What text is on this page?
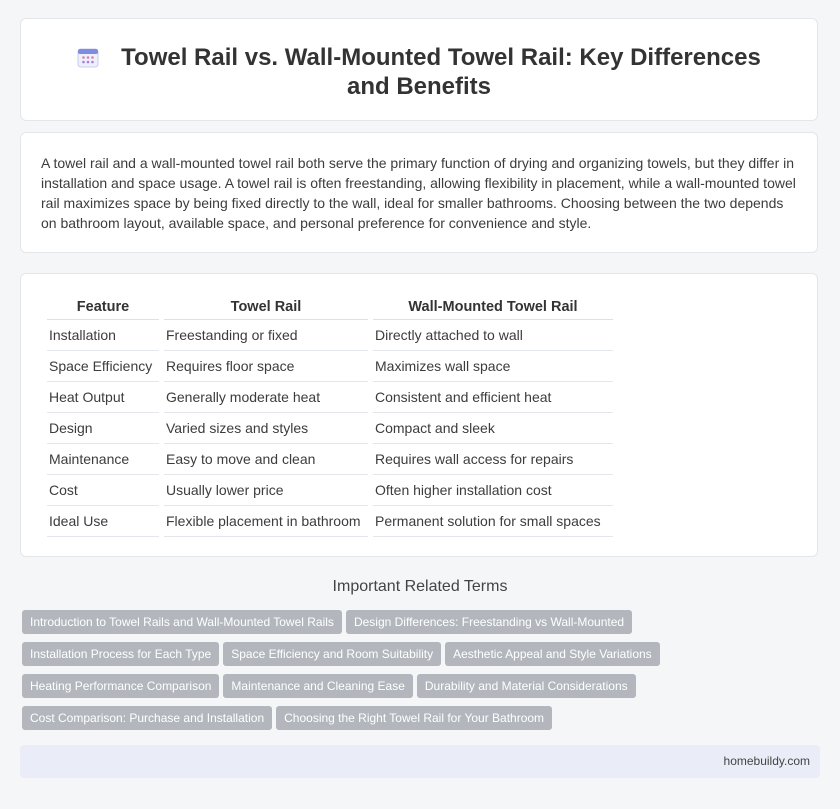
Towel Rail vs. Wall-Mounted Towel Rail: Key Differences and Benefits

A towel rail and a wall-mounted towel rail both serve the primary function of drying and organizing towels, but they differ in installation and space usage. A towel rail is often freestanding, allowing flexibility in placement, while a wall-mounted towel rail maximizes space by being fixed directly to the wall, ideal for smaller bathrooms. Choosing between the two depends on bathroom layout, available space, and personal preference for convenience and style.

Feature	Towel Rail	Wall-Mounted Towel Rail
Installation	Freestanding or fixed	Directly attached to wall
Space Efficiency	Requires floor space	Maximizes wall space
Heat Output	Generally moderate heat	Consistent and efficient heat
Design	Varied sizes and styles	Compact and sleek
Maintenance	Easy to move and clean	Requires wall access for repairs
Cost	Usually lower price	Often higher installation cost
Ideal Use	Flexible placement in bathroom	Permanent solution for small spaces
Important Related Terms
Introduction to Towel Rails and Wall-Mounted Towel Rails Design Differences: Freestanding vs Wall-Mounted
Installation Process for Each Type Space Efficiency and Room Suitability Aesthetic Appeal and Style Variations
Heating Performance Comparison Maintenance and Cleaning Ease Durability and Material Considerations
Cost Comparison: Purchase and Installation Choosing the Right Towel Rail for Your Bathroom
homebuildy.com
